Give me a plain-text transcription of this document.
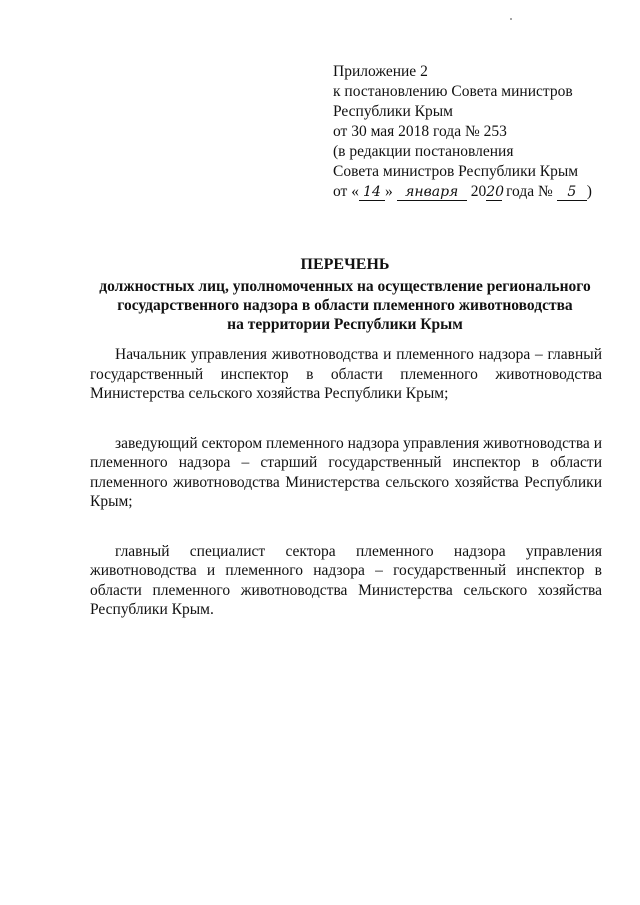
Приложение 2
к постановлению Совета министров
Республики Крым
от 30 мая 2018 года № 253
(в редакции постановления
Совета министров Республики Крым
от « 14 » января 2020 года № 5 )
ПЕРЕЧЕНЬ
должностных лиц, уполномоченных на осуществление регионального
государственного надзора в области племенного животноводства
на территории Республики Крым

Начальник управления животноводства и племенного надзора – главный государственный инспектор в области племенного животноводства Министерства сельского хозяйства Республики Крым;

заведующий сектором племенного надзора управления животноводства и племенного надзора – старший государственный инспектор в области племенного животноводства Министерства сельского хозяйства Республики Крым;

главный специалист сектора племенного надзора управления животноводства и племенного надзора – государственный инспектор в области племенного животноводства Министерства сельского хозяйства Республики Крым.
